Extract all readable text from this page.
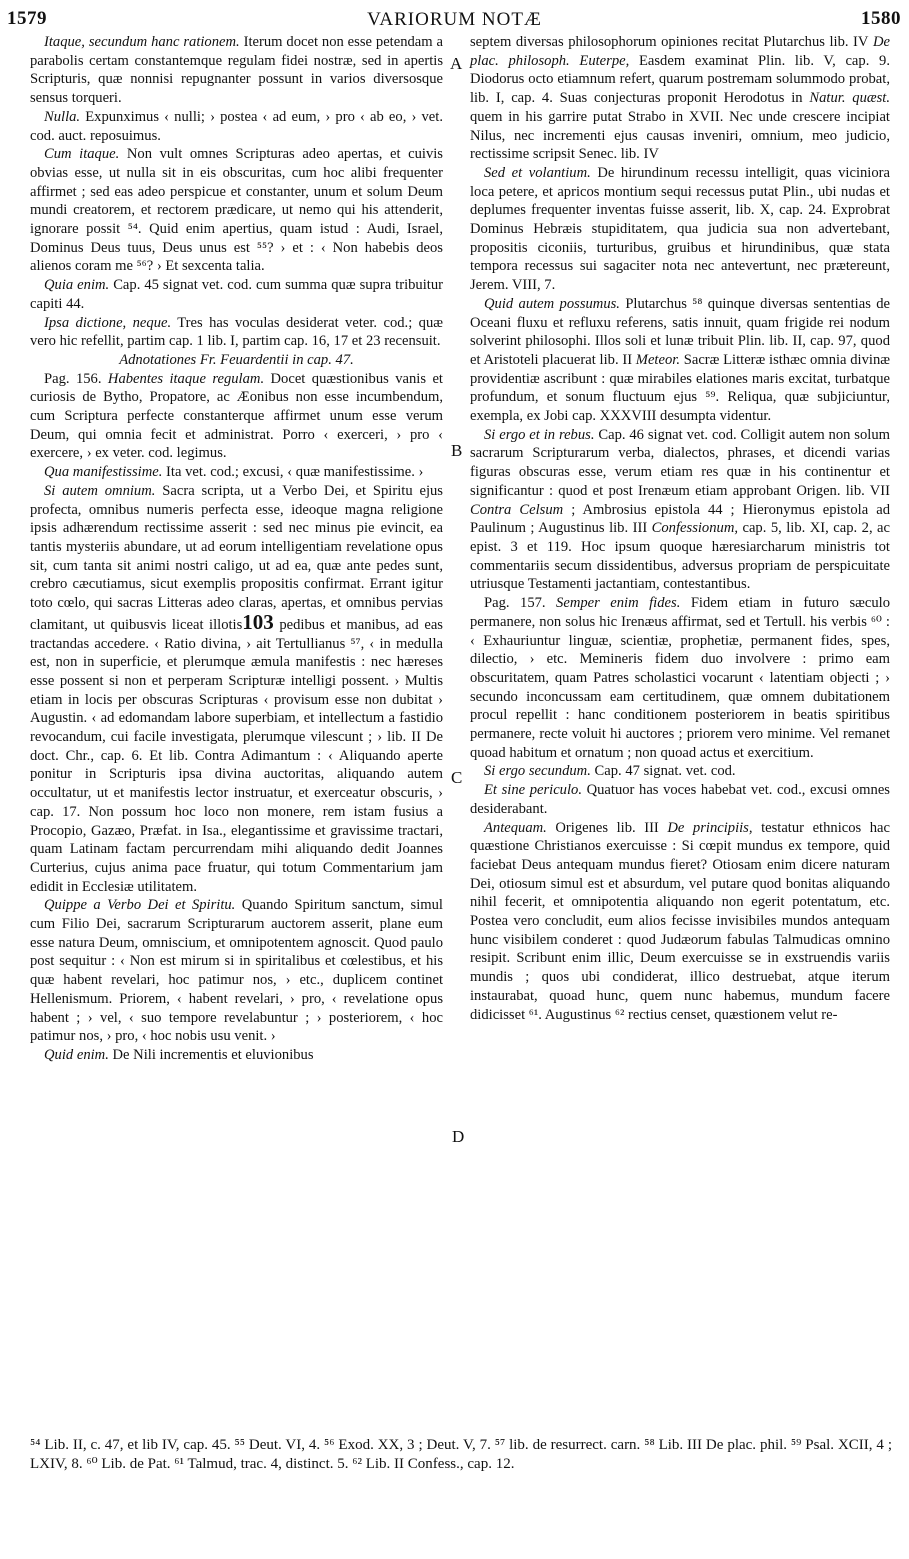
1579	VARIORUM NOTÆ	1580
A
B
C
D

Itaque, secundum hanc rationem. Iterum docet non esse petendam a parabolis certam constantemque regulam fidei nostræ, sed in apertis Scripturis, quæ nonnisi repugnanter possunt in varios diversosque sensus torqueri.

Nulla. Expunximus ‹ nulli; › postea ‹ ad eum, › pro ‹ ab eo, › vet. cod. auct. reposuimus.

Cum itaque. Non vult omnes Scripturas adeo apertas, et cuivis obvias esse, ut nulla sit in eis obscuritas, cum hoc alibi frequenter affirmet ; sed eas adeo perspicue et constanter, unum et solum Deum mundi creatorem, et rectorem prædicare, ut nemo qui his attenderit, ignorare possit ⁵⁴. Quid enim apertius, quam istud : Audi, Israel, Dominus Deus tuus, Deus unus est ⁵⁵? › et : ‹ Non habebis deos alienos coram me ⁵⁶? › Et sexcenta talia.

Quia enim. Cap. 45 signat vet. cod. cum summa quæ supra tribuitur capiti 44.

Ipsa dictione, neque. Tres has voculas desiderat veter. cod.; quæ vero hic refellit, partim cap. 1 lib. I, partim cap. 16, 17 et 23 recensuit.

Adnotationes Fr. Feuardentii in cap. 47.

Pag. 156. Habentes itaque regulam. Docet quæstionibus vanis et curiosis de Bytho, Propatore, ac Æonibus non esse incumbendum, cum Scriptura perfecte constanterque affirmet unum esse verum Deum, qui omnia fecit et administrat. Porro ‹ exerceri, › pro ‹ exercere, › ex veter. cod. legimus.

Qua manifestissime. Ita vet. cod.; excusi, ‹ quæ manifestissime. ›

Si autem omnium. Sacra scripta, ut a Verbo Dei, et Spiritu ejus profecta, omnibus numeris perfecta esse, ideoque magna religione ipsis adhærendum rectissime asserit : sed nec minus pie evincit, ea tantis mysteriis abundare, ut ad eorum intelligentiam revelatione opus sit, cum tanta sit animi nostri caligo, ut ad ea, quæ ante pedes sunt, crebro cæcutiamus, sicut exemplis propositis confirmat. Errant igitur toto cœlo, qui sacras Litteras adeo claras, apertas, et omnibus pervias clamitant, ut quibusvis liceat illotis103 pedibus et manibus, ad eas tractandas accedere. ‹ Ratio divina, › ait Tertullianus ⁵⁷, ‹ in medulla est, non in superficie, et plerumque æmula manifestis : nec hæreses esse possent si non et perperam Scripturæ intelligi possent. › Multis etiam in locis per obscuras Scripturas ‹ provisum esse non dubitat › Augustin. ‹ ad edomandam labore superbiam, et intellectum a fastidio revocandum, cui facile investigata, plerumque vilescunt ; › lib. II De doct. Chr., cap. 6. Et lib. Contra Adimantum : ‹ Aliquando aperte ponitur in Scripturis ipsa divina auctoritas, aliquando autem occultatur, ut et manifestis lector instruatur, et exerceatur obscuris, › cap. 17. Non possum hoc loco non monere, rem istam fusius a Procopio, Gazæo, Præfat. in Isa., elegantissime et gravissime tractari, quam Latinam factam percurrendam mihi aliquando dedit Joannes Curterius, cujus anima pace fruatur, qui totum Commentarium jam edidit in Ecclesiæ utilitatem.

Quippe a Verbo Dei et Spiritu. Quando Spiritum sanctum, simul cum Filio Dei, sacrarum Scripturarum auctorem asserit, plane eum esse natura Deum, omniscium, et omnipotentem agnoscit. Quod paulo post sequitur : ‹ Non est mirum si in spiritalibus et cœlestibus, et his quæ habent revelari, hoc patimur nos, › etc., duplicem continet Hellenismum. Priorem, ‹ habent revelari, › pro, ‹ revelatione opus habent ; › vel, ‹ suo tempore revelabuntur ; › posteriorem, ‹ hoc patimur nos, › pro, ‹ hoc nobis usu venit. ›

Quid enim. De Nili incrementis et eluvionibus

septem diversas philosophorum opiniones recitat Plutarchus lib. IV De plac. philosoph. Euterpe, Easdem examinat Plin. lib. V, cap. 9. Diodorus octo etiamnum refert, quarum postremam solummodo probat, lib. I, cap. 4. Suas conjecturas proponit Herodotus in Natur. quæst. quem in his garrire putat Strabo in XVII. Nec unde crescere incipiat Nilus, nec incrementi ejus causas inveniri, omnium, meo judicio, rectissime scripsit Senec. lib. IV

Sed et volantium. De hirundinum recessu intelligit, quas viciniora loca petere, et apricos montium sequi recessus putat Plin., ubi nudas et deplumes frequenter inventas fuisse asserit, lib. X, cap. 24. Exprobrat Dominus Hebræis stupiditatem, qua judicia sua non advertebant, propositis ciconiis, turturibus, gruibus et hirundinibus, quæ stata tempora recessus sui sagaciter nota nec antevertunt, nec prætereunt, Jerem. VIII, 7.

Quid autem possumus. Plutarchus ⁵⁸ quinque diversas sententias de Oceani fluxu et refluxu referens, satis innuit, quam frigide rei nodum solverint philosophi. Illos soli et lunæ tribuit Plin. lib. II, cap. 97, quod et Aristoteli placuerat lib. II Meteor. Sacræ Litteræ isthæc omnia divinæ providentiæ ascribunt : quæ mirabiles elationes maris excitat, turbatque profundum, et sonum fluctuum ejus ⁵⁹. Reliqua, quæ subjiciuntur, exempla, ex Jobi cap. XXXVIII desumpta videntur.

Si ergo et in rebus. Cap. 46 signat vet. cod. Colligit autem non solum sacrarum Scripturarum verba, dialectos, phrases, et dicendi varias figuras obscuras esse, verum etiam res quæ in his continentur et significantur : quod et post Irenæum etiam approbant Origen. lib. VII Contra Celsum ; Ambrosius epistola 44 ; Hieronymus epistola ad Paulinum ; Augustinus lib. III Confessionum, cap. 5, lib. XI, cap. 2, ac epist. 3 et 119. Hoc ipsum quoque hæresiarcharum ministris tot commentariis secum dissidentibus, adversus propriam de perspicuitate utriusque Testamenti jactantiam, contestantibus.

Pag. 157. Semper enim fides. Fidem etiam in futuro sæculo permanere, non solus hic Irenæus affirmat, sed et Tertull. his verbis ⁶⁰ : ‹ Exhauriuntur linguæ, scientiæ, prophetiæ, permanent fides, spes, dilectio, › etc. Memineris fidem duo involvere : primo eam obscuritatem, quam Patres scholastici vocarunt ‹ latentiam objecti ; › secundo inconcussam eam certitudinem, quæ omnem dubitationem procul repellit : hanc conditionem posteriorem in beatis spiritibus permanere, recte voluit hi auctores ; priorem vero minime. Vel remanet quoad habitum et ornatum ; non quoad actus et exercitium.

Si ergo secundum. Cap. 47 signat. vet. cod.

Et sine periculo. Quatuor has voces habebat vet. cod., excusi omnes desiderabant.

Antequam. Origenes lib. III De principiis, testatur ethnicos hac quæstione Christianos exercuisse : Si cœpit mundus ex tempore, quid faciebat Deus antequam mundus fieret? Otiosam enim dicere naturam Dei, otiosum simul est et absurdum, vel putare quod bonitas aliquando nihil fecerit, et omnipotentia aliquando non egerit potentatum, etc. Postea vero concludit, eum alios fecisse invisibiles mundos antequam hunc visibilem conderet : quod Judæorum fabulas Talmudicas omnino resipit. Scribunt enim illic, Deum exercuisse se in exstruendis variis mundis ; quos ubi condiderat, illico destruebat, atque iterum instaurabat, quoad hunc, quem nunc habemus, mundum facere didicisset ⁶¹. Augustinus ⁶² rectius censet, quæstionem velut re-

⁵⁴ Lib. II, c. 47, et lib IV, cap. 45. ⁵⁵ Deut. VI, 4. ⁵⁶ Exod. XX, 3 ; Deut. V, 7. ⁵⁷ lib. de resurrect. carn. ⁵⁸ Lib. III De plac. phil. ⁵⁹ Psal. XCII, 4 ; LXIV, 8. ⁶⁰ Lib. de Pat. ⁶¹ Talmud, trac. 4, distinct. 5. ⁶² Lib. II Confess., cap. 12.
